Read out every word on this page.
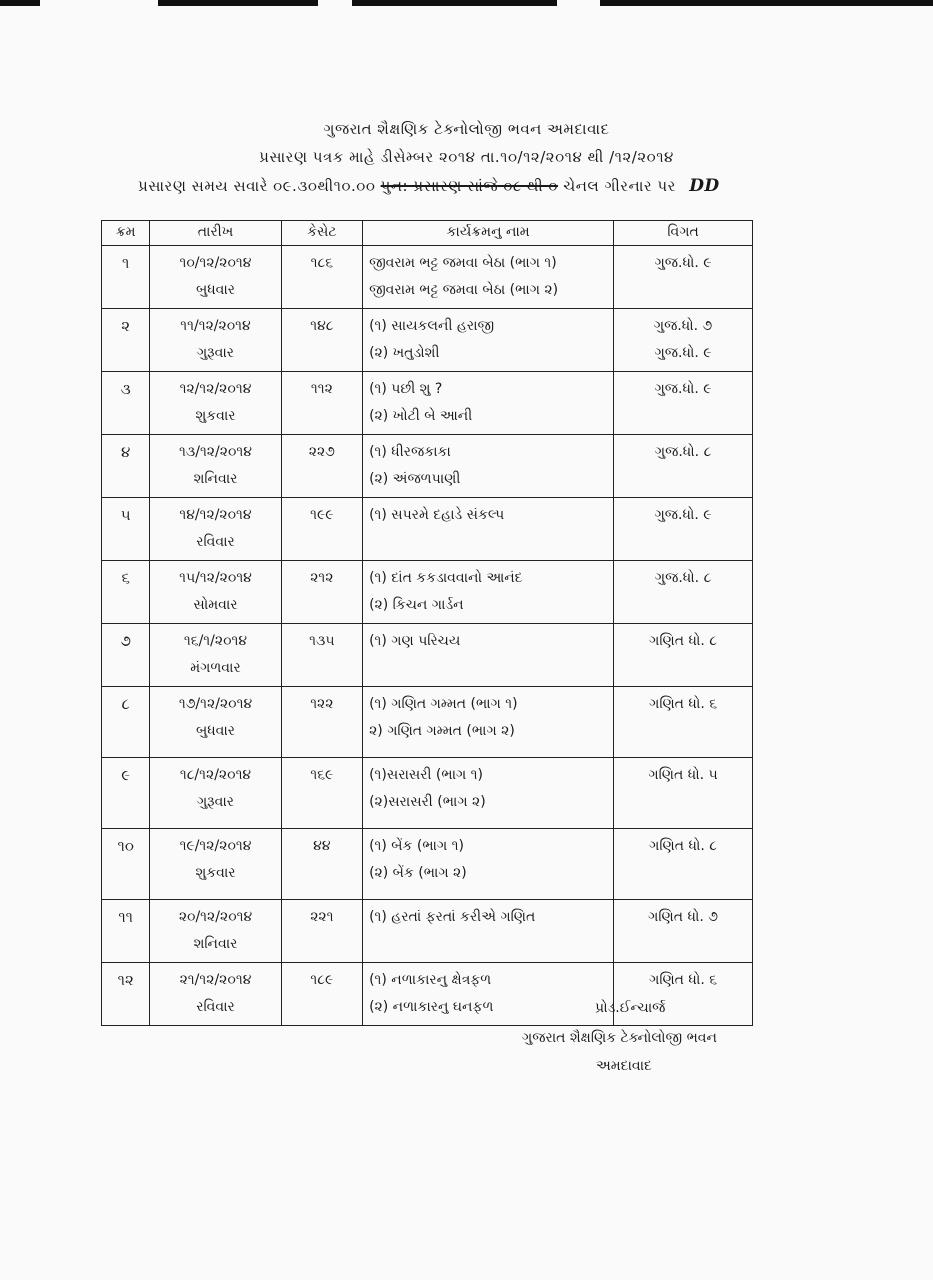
ગુજરાત શૈક્ષણિક ટેક્નોલોજી ભવન અમદાવાદ
પ્રસારણ પત્રક માહે ડીસેમ્બર ૨૦૧૪ તા.૧૦/૧૨/૨૦૧૪ થી /૧૨/૨૦૧૪
પ્રસારણ સમય સવારે ૦૯.૩૦થી૧૦.૦૦ પુન: પ્રસારણ સાંજે ૦૮ થી ૦ ચેનલ ગીરનાર પર DD
ક્રમ	તારીખ	કેસેટ	કાર્યક્રમનુ નામ	વિગત

૧	૧૦/૧૨/૨૦૧૪
બુધવાર	૧૮૬	જીવરામ ભટ્ટ જમવા બેઠા (ભાગ ૧)
જીવરામ ભટ્ટ જમવા બેઠા (ભાગ ૨)	ગુજ.ધો. ૯

૨	૧૧/૧૨/૨૦૧૪
ગુરૂવાર	૧૪૮	(૧) સાયકલની હરાજી
(૨) ખતુડોશી	ગુજ.ધો. ૭
ગુજ.ધો. ૯

૩	૧૨/૧૨/૨૦૧૪
શુકવાર	૧૧૨	(૧) પછી શુ ?
(૨) ખોટી બે આની	ગુજ.ધો. ૯

૪	૧૩/૧૨/૨૦૧૪
શનિવાર	૨૨૭	(૧) ધીરજકાકા
(૨) અંજળપાણી	ગુજ.ધો. ૮

૫	૧૪/૧૨/૨૦૧૪
રવિવાર	૧૯૯	(૧) સપરમે દહાડે સંકલ્પ	ગુજ.ધો. ૯

૬	૧૫/૧૨/૨૦૧૪
સોમવાર	૨૧૨	(૧) દાંત કકડાવવાનો આનંદ
(૨) કિચન ગાર્ડન	ગુજ.ધો. ૮

૭	૧૬/૧/૨૦૧૪
મંગળવાર	૧૩૫	(૧) ગણ પરિચય	ગણિત ધો. ૮

૮	૧૭/૧૨/૨૦૧૪
બુધવાર	૧૨૨	(૧) ગણિત ગમ્મત (ભાગ ૧)
૨) ગણિત ગમ્મત (ભાગ ૨)	ગણિત ધો. ૬

૯	૧૮/૧૨/૨૦૧૪
ગુરૂવાર	૧૬૯	(૧)સરાસરી (ભાગ ૧)
(૨)સરાસરી (ભાગ ૨)	ગણિત ધો. ૫

૧૦	૧૯/૧૨/૨૦૧૪
શુકવાર	૪૪	(૧) બેંક (ભાગ ૧)
(૨) બેંક (ભાગ ૨)	ગણિત ધો. ૮

૧૧	૨૦/૧૨/૨૦૧૪
શનિવાર	૨૨૧	(૧) હરતાં ફરતાં કરીએ ગણિત	ગણિત ધો. ૭

૧૨	૨૧/૧૨/૨૦૧૪
રવિવાર	૧૮૯	(૧) નળાકારનુ ક્ષેત્રફળ
(૨) નળાકારનુ ઘનફળ	ગણિત ધો. ૬
પ્રોડ.ઈન્ચાર્જ
ગુજરાત શૈક્ષણિક ટેક્નોલોજી ભવન
અમદાવાદ
